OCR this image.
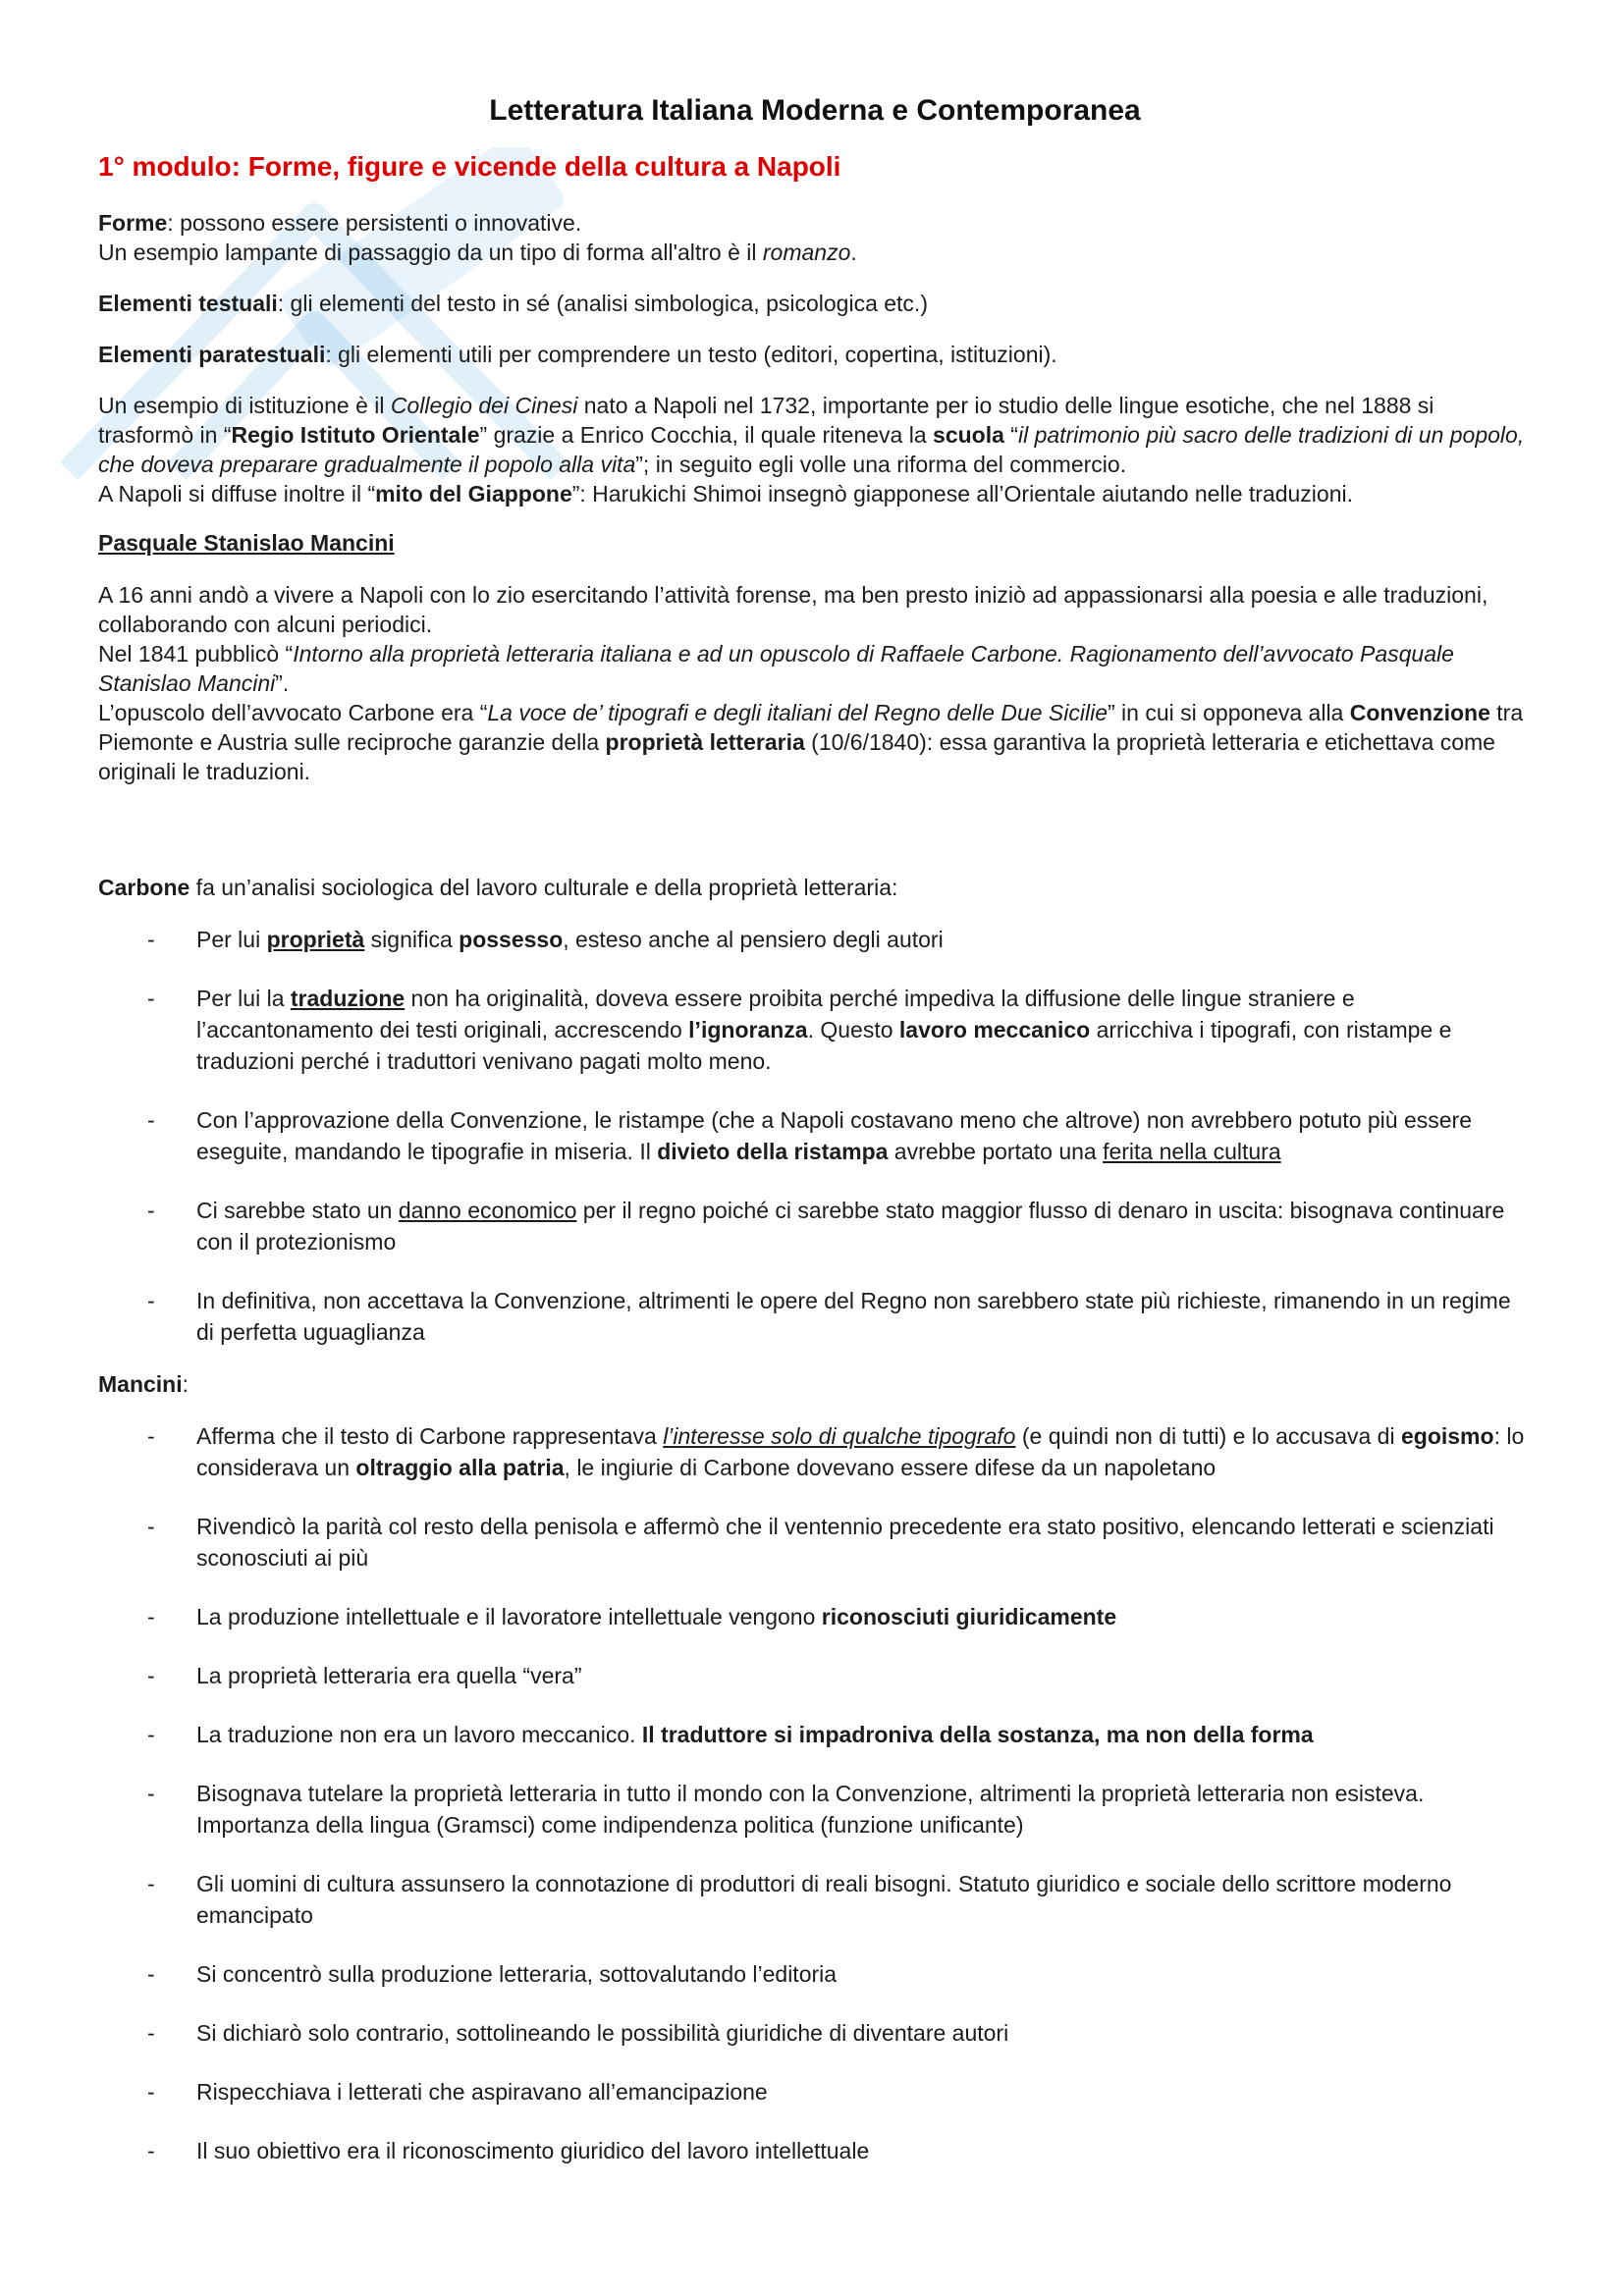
Letteratura Italiana Moderna e Contemporanea
1° modulo: Forme, figure e vicende della cultura a Napoli

Forme: possono essere persistenti o innovative.

Un esempio lampante di passaggio da un tipo di forma all'altro è il romanzo.

Elementi testuali: gli elementi del testo in sé (analisi simbologica, psicologica etc.)

Elementi paratestuali: gli elementi utili per comprendere un testo (editori, copertina, istituzioni).

Un esempio di istituzione è il Collegio dei Cinesi nato a Napoli nel 1732, importante per io studio delle lingue esotiche, che nel 1888 si trasformò in “Regio Istituto Orientale” grazie a Enrico Cocchia, il quale riteneva la scuola “il patrimonio più sacro delle tradizioni di un popolo, che doveva preparare gradualmente il popolo alla vita”; in seguito egli volle una riforma del commercio.

A Napoli si diffuse inoltre il “mito del Giappone”: Harukichi Shimoi insegnò giapponese all’Orientale aiutando nelle traduzioni.

Pasquale Stanislao Mancini

A 16 anni andò a vivere a Napoli con lo zio esercitando l’attività forense, ma ben presto iniziò ad appassionarsi alla poesia e alle traduzioni, collaborando con alcuni periodici.

Nel 1841 pubblicò “Intorno alla proprietà letteraria italiana e ad un opuscolo di Raffaele Carbone. Ragionamento dell’avvocato Pasquale Stanislao Mancini”.

L’opuscolo dell’avvocato Carbone era “La voce de’ tipografi e degli italiani del Regno delle Due Sicilie” in cui si opponeva alla Convenzione tra Piemonte e Austria sulle reciproche garanzie della proprietà letteraria (10/6/1840): essa garantiva la proprietà letteraria e etichettava come originali le traduzioni.

Carbone fa un’analisi sociologica del lavoro culturale e della proprietà letteraria:

- Per lui proprietà significa possesso, esteso anche al pensiero degli autori
- Per lui la traduzione non ha originalità, doveva essere proibita perché impediva la diffusione delle lingue straniere e l’accantonamento dei testi originali, accrescendo l’ignoranza. Questo lavoro meccanico arricchiva i tipografi, con ristampe e traduzioni perché i traduttori venivano pagati molto meno.
- Con l’approvazione della Convenzione, le ristampe (che a Napoli costavano meno che altrove) non avrebbero potuto più essere eseguite, mandando le tipografie in miseria. Il divieto della ristampa avrebbe portato una ferita nella cultura
- Ci sarebbe stato un danno economico per il regno poiché ci sarebbe stato maggior flusso di denaro in uscita: bisognava continuare con il protezionismo
- In definitiva, non accettava la Convenzione, altrimenti le opere del Regno non sarebbero state più richieste, rimanendo in un regime di perfetta uguaglianza

Mancini:

- Afferma che il testo di Carbone rappresentava l’interesse solo di qualche tipografo (e quindi non di tutti) e lo accusava di egoismo: lo considerava un oltraggio alla patria, le ingiurie di Carbone dovevano essere difese da un napoletano
- Rivendicò la parità col resto della penisola e affermò che il ventennio precedente era stato positivo, elencando letterati e scienziati sconosciuti ai più
- La produzione intellettuale e il lavoratore intellettuale vengono riconosciuti giuridicamente
- La proprietà letteraria era quella “vera”
- La traduzione non era un lavoro meccanico. Il traduttore si impadroniva della sostanza, ma non della forma
- Bisognava tutelare la proprietà letteraria in tutto il mondo con la Convenzione, altrimenti la proprietà letteraria non esisteva. Importanza della lingua (Gramsci) come indipendenza politica (funzione unificante)
- Gli uomini di cultura assunsero la connotazione di produttori di reali bisogni. Statuto giuridico e sociale dello scrittore moderno emancipato
- Si concentrò sulla produzione letteraria, sottovalutando l’editoria
- Si dichiarò solo contrario, sottolineando le possibilità giuridiche di diventare autori
- Rispecchiava i letterati che aspiravano all’emancipazione
- Il suo obiettivo era il riconoscimento giuridico del lavoro intellettuale
